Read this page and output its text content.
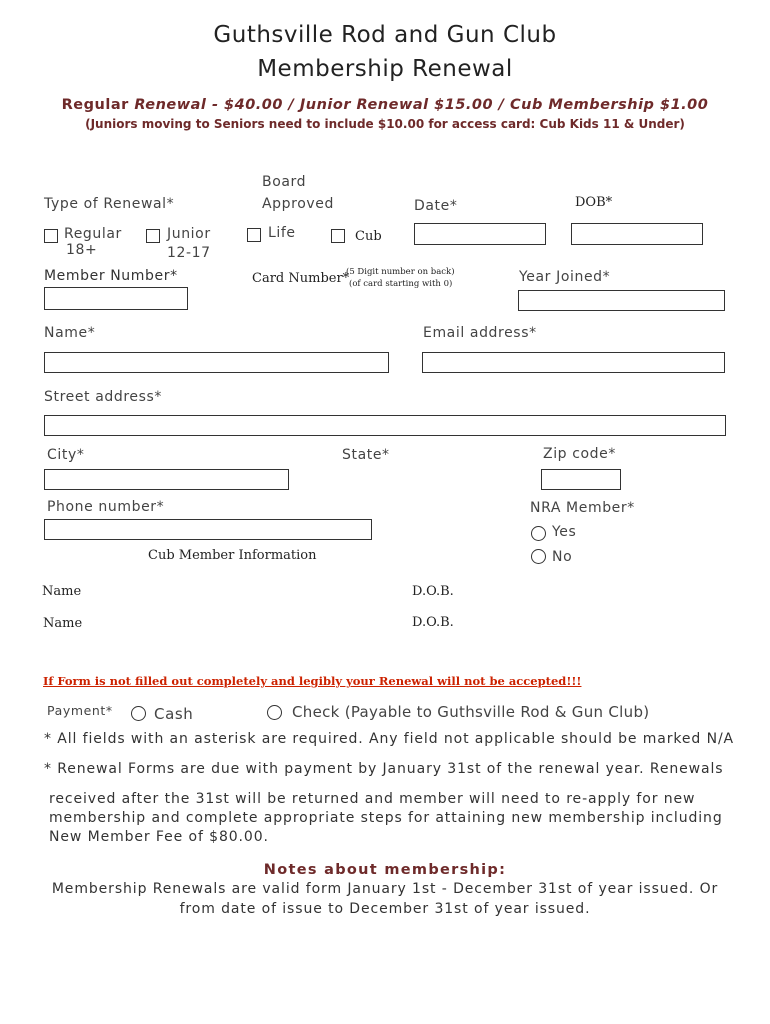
Guthsville Rod and Gun Club
Membership Renewal
Regular Renewal - $40.00 / Junior Renewal $15.00 / Cub Membership $1.00
(Juniors moving to Seniors need to include $10.00 for access card: Cub Kids 11 & Under)
Type of Renewal*
Board
Approved	Date*	DOB*
Regular
18+
Junior
12-17
Life	Cub
Member Number*	Card Number*
(5 Digit number on back)
(of card starting with 0)	Year Joined*
Name*	Email address*
Street address*
City*	State*	Zip code*
Phone number*	NRA Member*
Yes
No
Cub Member Information
Name	D.O.B.
Name	D.O.B.
If Form is not filled out completely and legibly your Renewal will not be accepted!!!
Payment*	Cash	Check (Payable to Guthsville Rod & Gun Club)
* All fields with an asterisk are required. Any field not applicable should be marked N/A
* Renewal Forms are due with payment by January 31st of the renewal year. Renewals
received after the 31st will be returned and member will need to re-apply for new
membership and complete appropriate steps for attaining new membership including
New Member Fee of $80.00.
Notes about membership:
Membership Renewals are valid form January 1st - December 31st of year issued. Or
from date of issue to December 31st of year issued.
